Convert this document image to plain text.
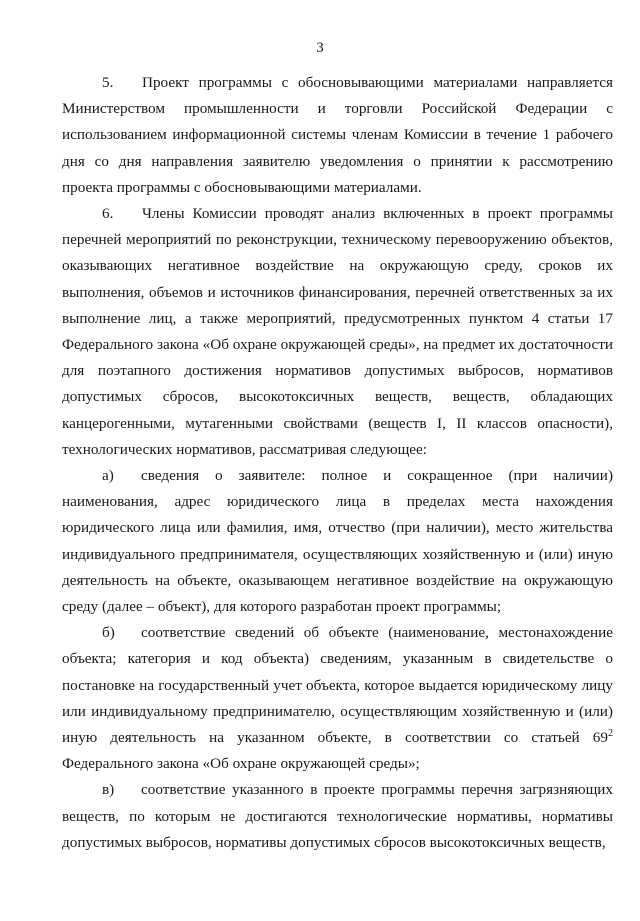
3

5. Проект программы с обосновывающими материалами направляется Министерством промышленности и торговли Российской Федерации с использованием информационной системы членам Комиссии в течение 1 рабочего дня со дня направления заявителю уведомления о принятии к рассмотрению проекта программы с обосновывающими материалами.

6. Члены Комиссии проводят анализ включенных в проект программы перечней мероприятий по реконструкции, техническому перевооружению объектов, оказывающих негативное воздействие на окружающую среду, сроков их выполнения, объемов и источников финансирования, перечней ответственных за их выполнение лиц, а также мероприятий, предусмотренных пунктом 4 статьи 17 Федерального закона «Об охране окружающей среды», на предмет их достаточности для поэтапного достижения нормативов допустимых выбросов, нормативов допустимых сбросов, высокотоксичных веществ, веществ, обладающих канцерогенными, мутагенными свойствами (веществ I, II классов опасности), технологических нормативов, рассматривая следующее:

а) сведения о заявителе: полное и сокращенное (при наличии) наименования, адрес юридического лица в пределах места нахождения юридического лица или фамилия, имя, отчество (при наличии), место жительства индивидуального предпринимателя, осуществляющих хозяйственную и (или) иную деятельность на объекте, оказывающем негативное воздействие на окружающую среду (далее – объект), для которого разработан проект программы;

б) соответствие сведений об объекте (наименование, местонахождение объекта; категория и код объекта) сведениям, указанным в свидетельстве о постановке на государственный учет объекта, которое выдается юридическому лицу или индивидуальному предпринимателю, осуществляющим хозяйственную и (или) иную деятельность на указанном объекте, в соответствии со статьей $69^2$ Федерального закона «Об охране окружающей среды»;

в) соответствие указанного в проекте программы перечня загрязняющих веществ, по которым не достигаются технологические нормативы, нормативы допустимых выбросов, нормативы допустимых сбросов высокотоксичных веществ,
